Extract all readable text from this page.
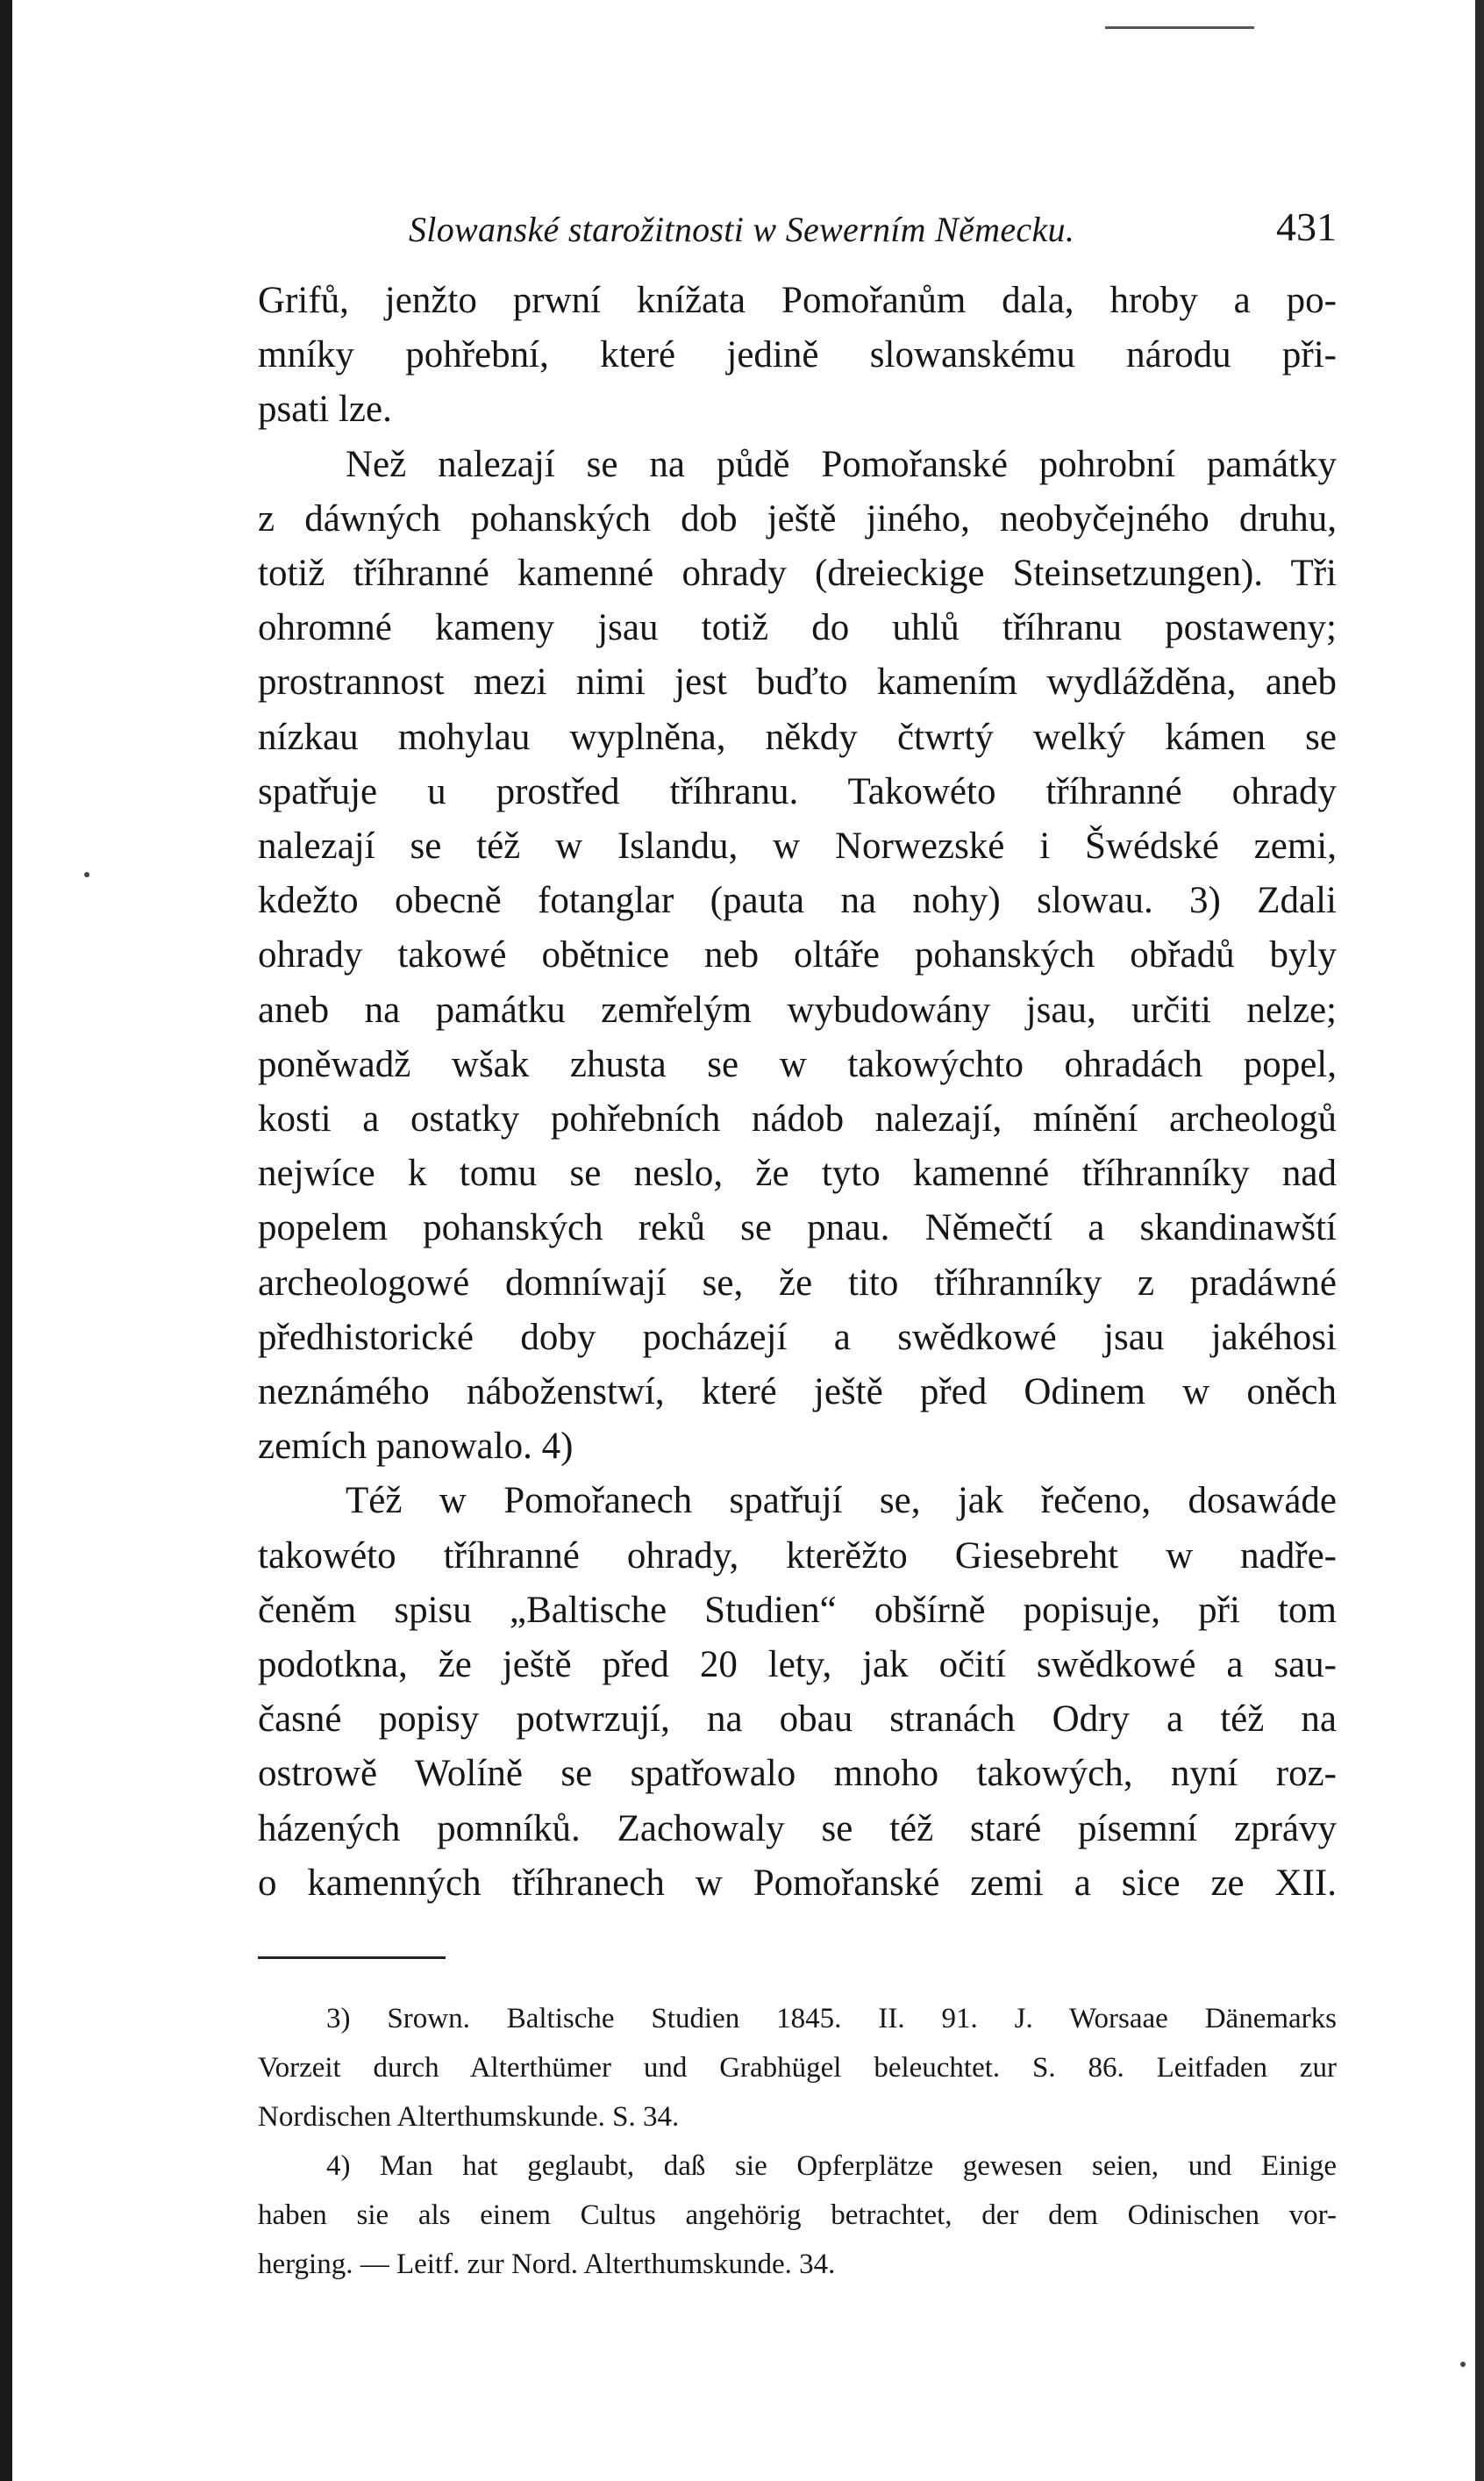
Slowanské starožitnosti w Sewerním Německu.	431
Grifů, jenžto prwní knížata Pomořanům dala, hroby a po-
mníky pohřební, které jedině slowanskému národu při-
psati lze.
Než nalezají se na půdě Pomořanské pohrobní památky
z dáwných pohanských dob ještě jiného, neobyčejného druhu,
totiž tříhranné kamenné ohrady (dreieckige Steinsetzungen). Tři
ohromné kameny jsau totiž do uhlů tříhranu postaweny;
prostrannost mezi nimi jest buďto kamením wydlážděna, aneb
nízkau mohylau wyplněna, někdy čtwrtý welký kámen se
spatřuje u prostřed tříhranu. Takowéto tříhranné ohrady
nalezají se též w Islandu, w Norwezské i Šwédské zemi,
kdežto obecně fotanglar (pauta na nohy) slowau. 3) Zdali
ohrady takowé obětnice neb oltáře pohanských obřadů byly
aneb na památku zemřelým wybudowány jsau, určiti nelze;
poněwadž wšak zhusta se w takowýchto ohradách popel,
kosti a ostatky pohřebních nádob nalezají, mínění archeologů
nejwíce k tomu se neslo, že tyto kamenné tříhranníky nad
popelem pohanských reků se pnau. Němečtí a skandinawští
archeologowé domníwají se, že tito tříhranníky z pradáwné
předhistorické doby pocházejí a swědkowé jsau jakéhosi
neznámého náboženstwí, které ještě před Odinem w oněch
zemích panowalo. 4)
Též w Pomořanech spatřují se, jak řečeno, dosawáde
takowéto tříhranné ohrady, kterěžto Giesebreht w nadře-
čeněm spisu „Baltische Studien“ obšírně popisuje, při tom
podotkna, že ještě před 20 lety, jak očití swědkowé a sau-
časné popisy potwrzují, na obau stranách Odry a též na
ostrowě Wolíně se spatřowalo mnoho takowých, nyní roz-
házených pomníků. Zachowaly se též staré písemní zprávy
o kamenných tříhranech w Pomořanské zemi a sice ze XII.
3) Srown. Baltische Studien 1845. II. 91. J. Worsaae Dänemarks
Vorzeit durch Alterthümer und Grabhügel beleuchtet. S. 86. Leitfaden zur
Nordischen Alterthumskunde. S. 34.
4) Man hat geglaubt, daß sie Opferplätze gewesen seien, und Einige
haben sie als einem Cultus angehörig betrachtet, der dem Odinischen vor-
herging. — Leitf. zur Nord. Alterthumskunde. 34.
